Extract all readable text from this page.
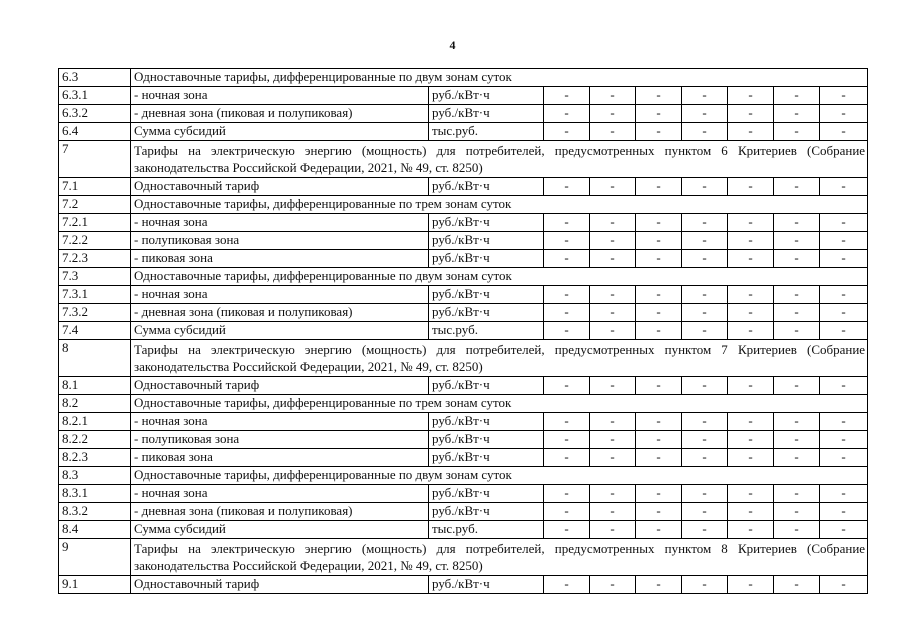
4
6.3	Одноставочные тарифы, дифференцированные по двум зонам суток								
6.3.1	- ночная зона	руб./кВт·ч	-	-	-	-	-	-	-
6.3.2	- дневная зона (пиковая и полупиковая)	руб./кВт·ч	-	-	-	-	-	-	-
6.4	Сумма субсидий	тыс.руб.	-	-	-	-	-	-	-
7	Тарифы на электрическую энергию (мощность) для потребителей, предусмотренных пунктом 6 Критериев (Собрание законодательства Российской Федерации, 2021, № 49, ст. 8250)								
7.1	Одноставочный тариф	руб./кВт·ч	-	-	-	-	-	-	-
7.2	Одноставочные тарифы, дифференцированные по трем зонам суток								
7.2.1	- ночная зона	руб./кВт·ч	-	-	-	-	-	-	-
7.2.2	- полупиковая зона	руб./кВт·ч	-	-	-	-	-	-	-
7.2.3	- пиковая зона	руб./кВт·ч	-	-	-	-	-	-	-
7.3	Одноставочные тарифы, дифференцированные по двум зонам суток								
7.3.1	- ночная зона	руб./кВт·ч	-	-	-	-	-	-	-
7.3.2	- дневная зона (пиковая и полупиковая)	руб./кВт·ч	-	-	-	-	-	-	-
7.4	Сумма субсидий	тыс.руб.	-	-	-	-	-	-	-
8	Тарифы на электрическую энергию (мощность) для потребителей, предусмотренных пунктом 7 Критериев (Собрание законодательства Российской Федерации, 2021, № 49, ст. 8250)								
8.1	Одноставочный тариф	руб./кВт·ч	-	-	-	-	-	-	-
8.2	Одноставочные тарифы, дифференцированные по трем зонам суток								
8.2.1	- ночная зона	руб./кВт·ч	-	-	-	-	-	-	-
8.2.2	- полупиковая зона	руб./кВт·ч	-	-	-	-	-	-	-
8.2.3	- пиковая зона	руб./кВт·ч	-	-	-	-	-	-	-
8.3	Одноставочные тарифы, дифференцированные по двум зонам суток								
8.3.1	- ночная зона	руб./кВт·ч	-	-	-	-	-	-	-
8.3.2	- дневная зона (пиковая и полупиковая)	руб./кВт·ч	-	-	-	-	-	-	-
8.4	Сумма субсидий	тыс.руб.	-	-	-	-	-	-	-
9	Тарифы на электрическую энергию (мощность) для потребителей, предусмотренных пунктом 8 Критериев (Собрание законодательства Российской Федерации, 2021, № 49, ст. 8250)								
9.1	Одноставочный тариф	руб./кВт·ч	-	-	-	-	-	-	-
